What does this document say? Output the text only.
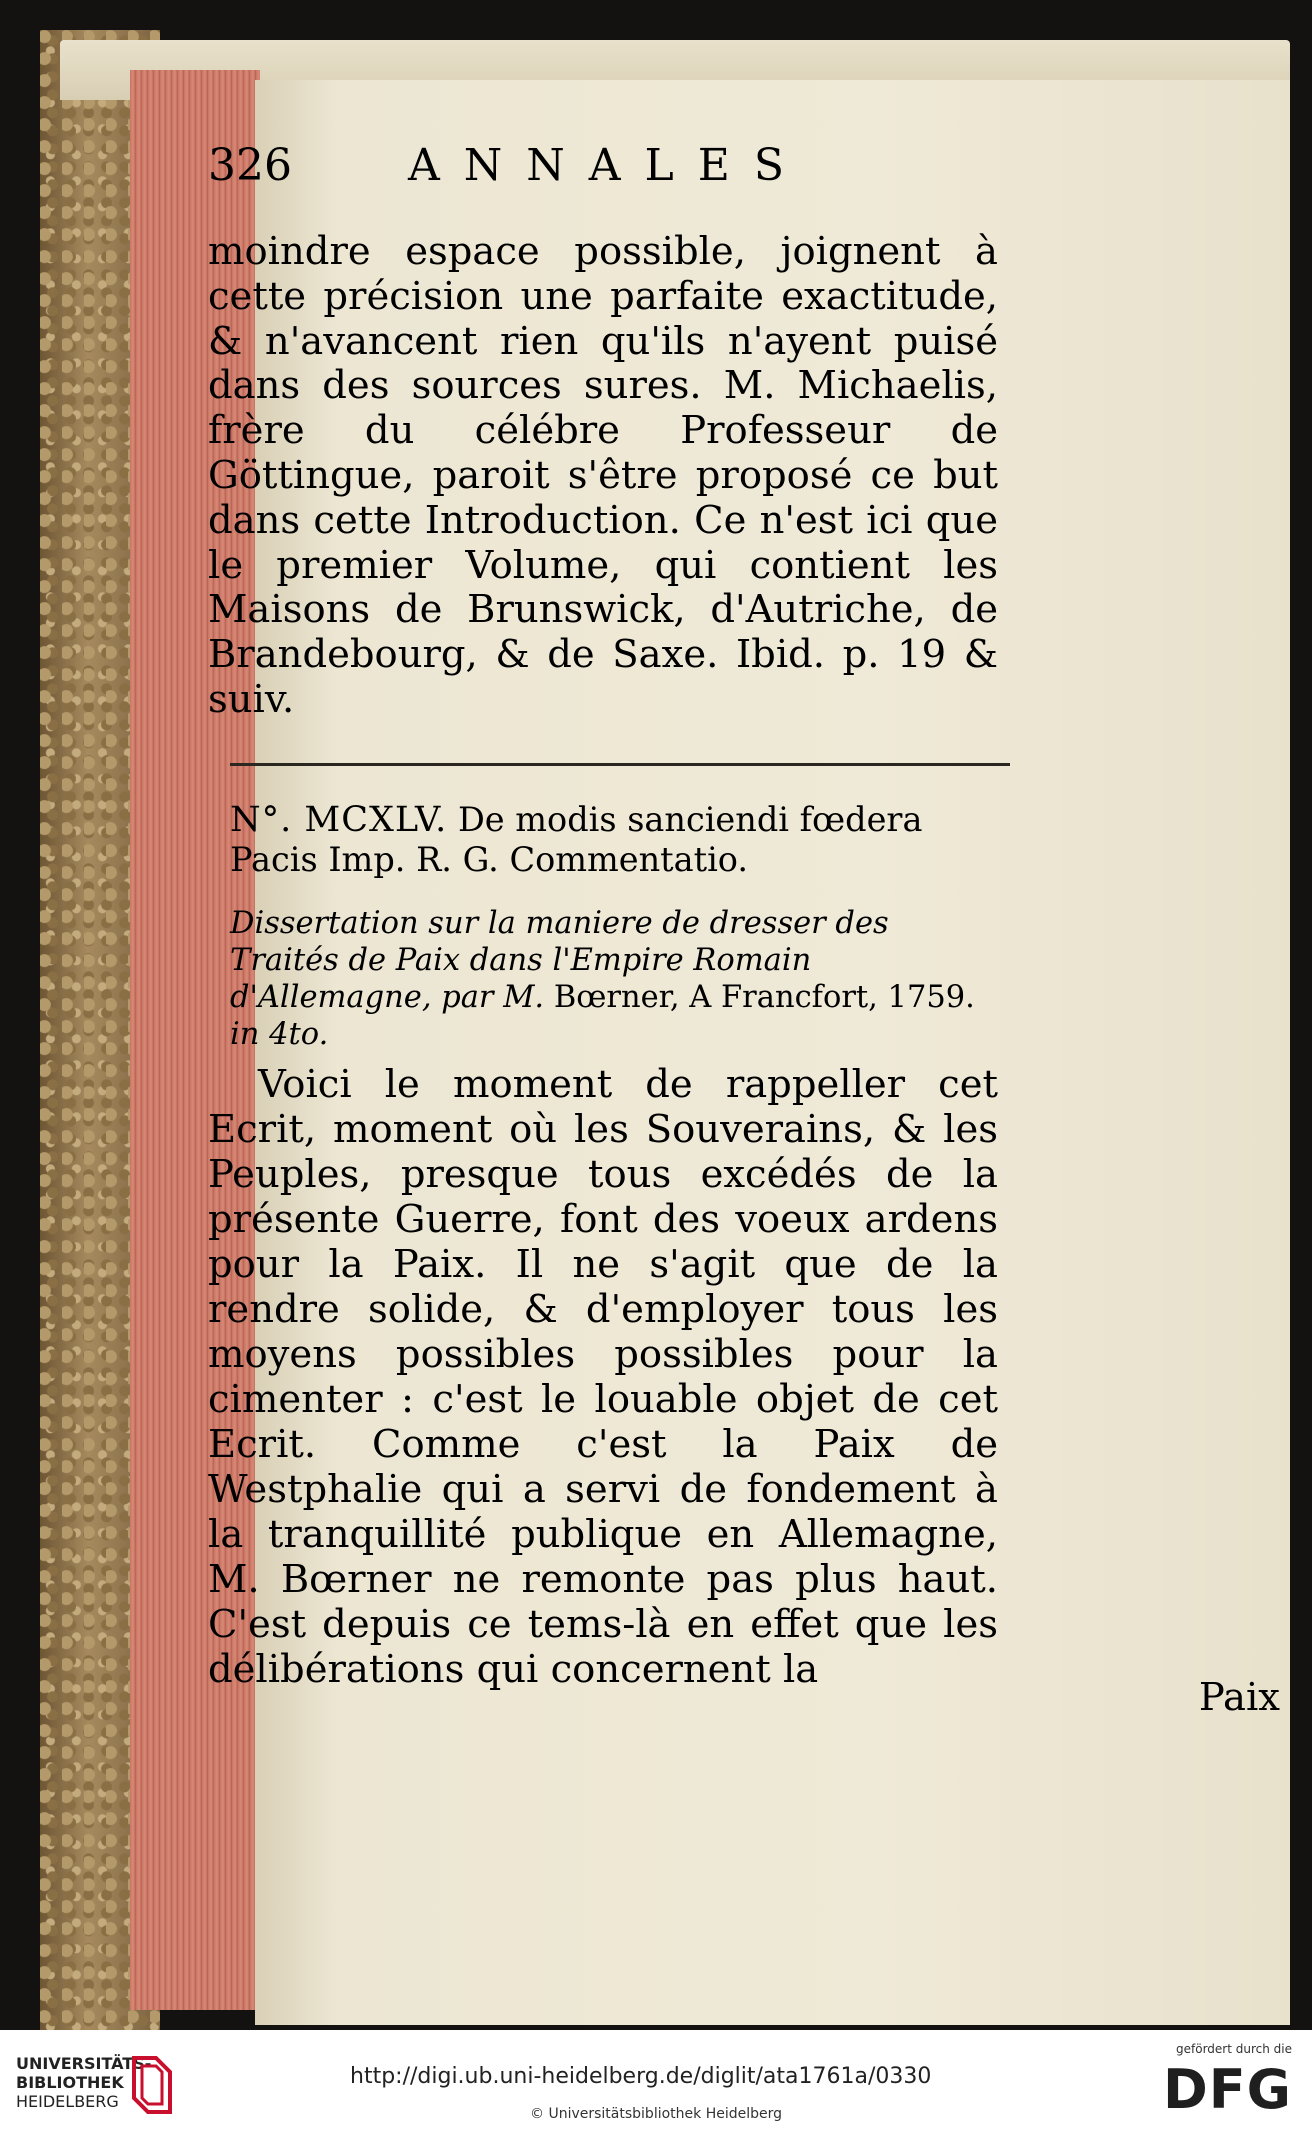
326	ANNALES
moindre espace possible, joignent à cette précision une parfaite exactitude, & n'avancent rien qu'ils n'ayent puisé dans des sources sures. M. Michaelis, frère du célébre Professeur de Göttingue, paroit s'être proposé ce but dans cette Introduction. Ce n'est ici que le premier Volume, qui contient les Maisons de Brunswick, d'Autriche, de Brandebourg, & de Saxe. Ibid. p. 19 & suiv.
N°. MCXLV. De modis sanciendi fœdera Pacis Imp. R. G. Commentatio.
Dissertation sur la maniere de dresser des Traités de Paix dans l'Empire Romain d'Allemagne, par M. Bœrner, A Francfort, 1759. in 4to.
Voici le moment de rappeller cet Ecrit, moment où les Souverains, & les Peuples, presque tous excédés de la présente Guerre, font des voeux ardens pour la Paix. Il ne s'agit que de la rendre solide, & d'employer tous les moyens possibles possibles pour la cimenter : c'est le louable objet de cet Ecrit. Comme c'est la Paix de Westphalie qui a servi de fondement à la tranquillité publique en Allemagne, M. Bœrner ne remonte pas plus haut. C'est depuis ce tems-là en effet que les délibérations qui concernent la
Paix
UNIVERSITÄTS-
BIBLIOTHEK
HEIDELBERG
http://digi.ub.uni-heidelberg.de/diglit/ata1761a/0330
© Universitätsbibliothek Heidelberg
gefördert durch die
DFG
